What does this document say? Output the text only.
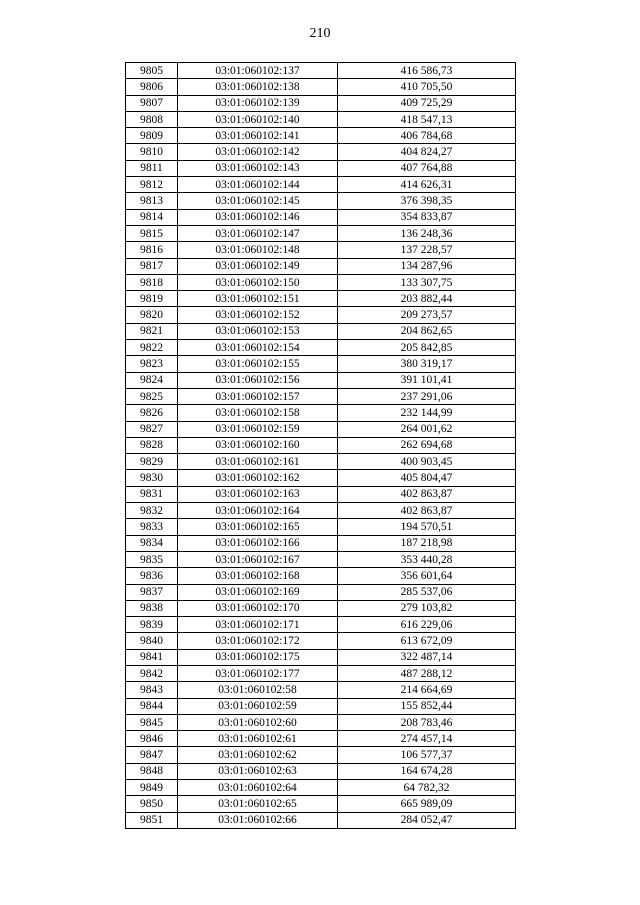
210
9805	03:01:060102:137	416 586,73
9806	03:01:060102:138	410 705,50
9807	03:01:060102:139	409 725,29
9808	03:01:060102:140	418 547,13
9809	03:01:060102:141	406 784,68
9810	03:01:060102:142	404 824,27
9811	03:01:060102:143	407 764,88
9812	03:01:060102:144	414 626,31
9813	03:01:060102:145	376 398,35
9814	03:01:060102:146	354 833,87
9815	03:01:060102:147	136 248,36
9816	03:01:060102:148	137 228,57
9817	03:01:060102:149	134 287,96
9818	03:01:060102:150	133 307,75
9819	03:01:060102:151	203 882,44
9820	03:01:060102:152	209 273,57
9821	03:01:060102:153	204 862,65
9822	03:01:060102:154	205 842,85
9823	03:01:060102:155	380 319,17
9824	03:01:060102:156	391 101,41
9825	03:01:060102:157	237 291,06
9826	03:01:060102:158	232 144,99
9827	03:01:060102:159	264 001,62
9828	03:01:060102:160	262 694,68
9829	03:01:060102:161	400 903,45
9830	03:01:060102:162	405 804,47
9831	03:01:060102:163	402 863,87
9832	03:01:060102:164	402 863,87
9833	03:01:060102:165	194 570,51
9834	03:01:060102:166	187 218,98
9835	03:01:060102:167	353 440,28
9836	03:01:060102:168	356 601,64
9837	03:01:060102:169	285 537,06
9838	03:01:060102:170	279 103,82
9839	03:01:060102:171	616 229,06
9840	03:01:060102:172	613 672,09
9841	03:01:060102:175	322 487,14
9842	03:01:060102:177	487 288,12
9843	03:01:060102:58	214 664,69
9844	03:01:060102:59	155 852,44
9845	03:01:060102:60	208 783,46
9846	03:01:060102:61	274 457,14
9847	03:01:060102:62	106 577,37
9848	03:01:060102:63	164 674,28
9849	03:01:060102:64	64 782,32
9850	03:01:060102:65	665 989,09
9851	03:01:060102:66	284 052,47
